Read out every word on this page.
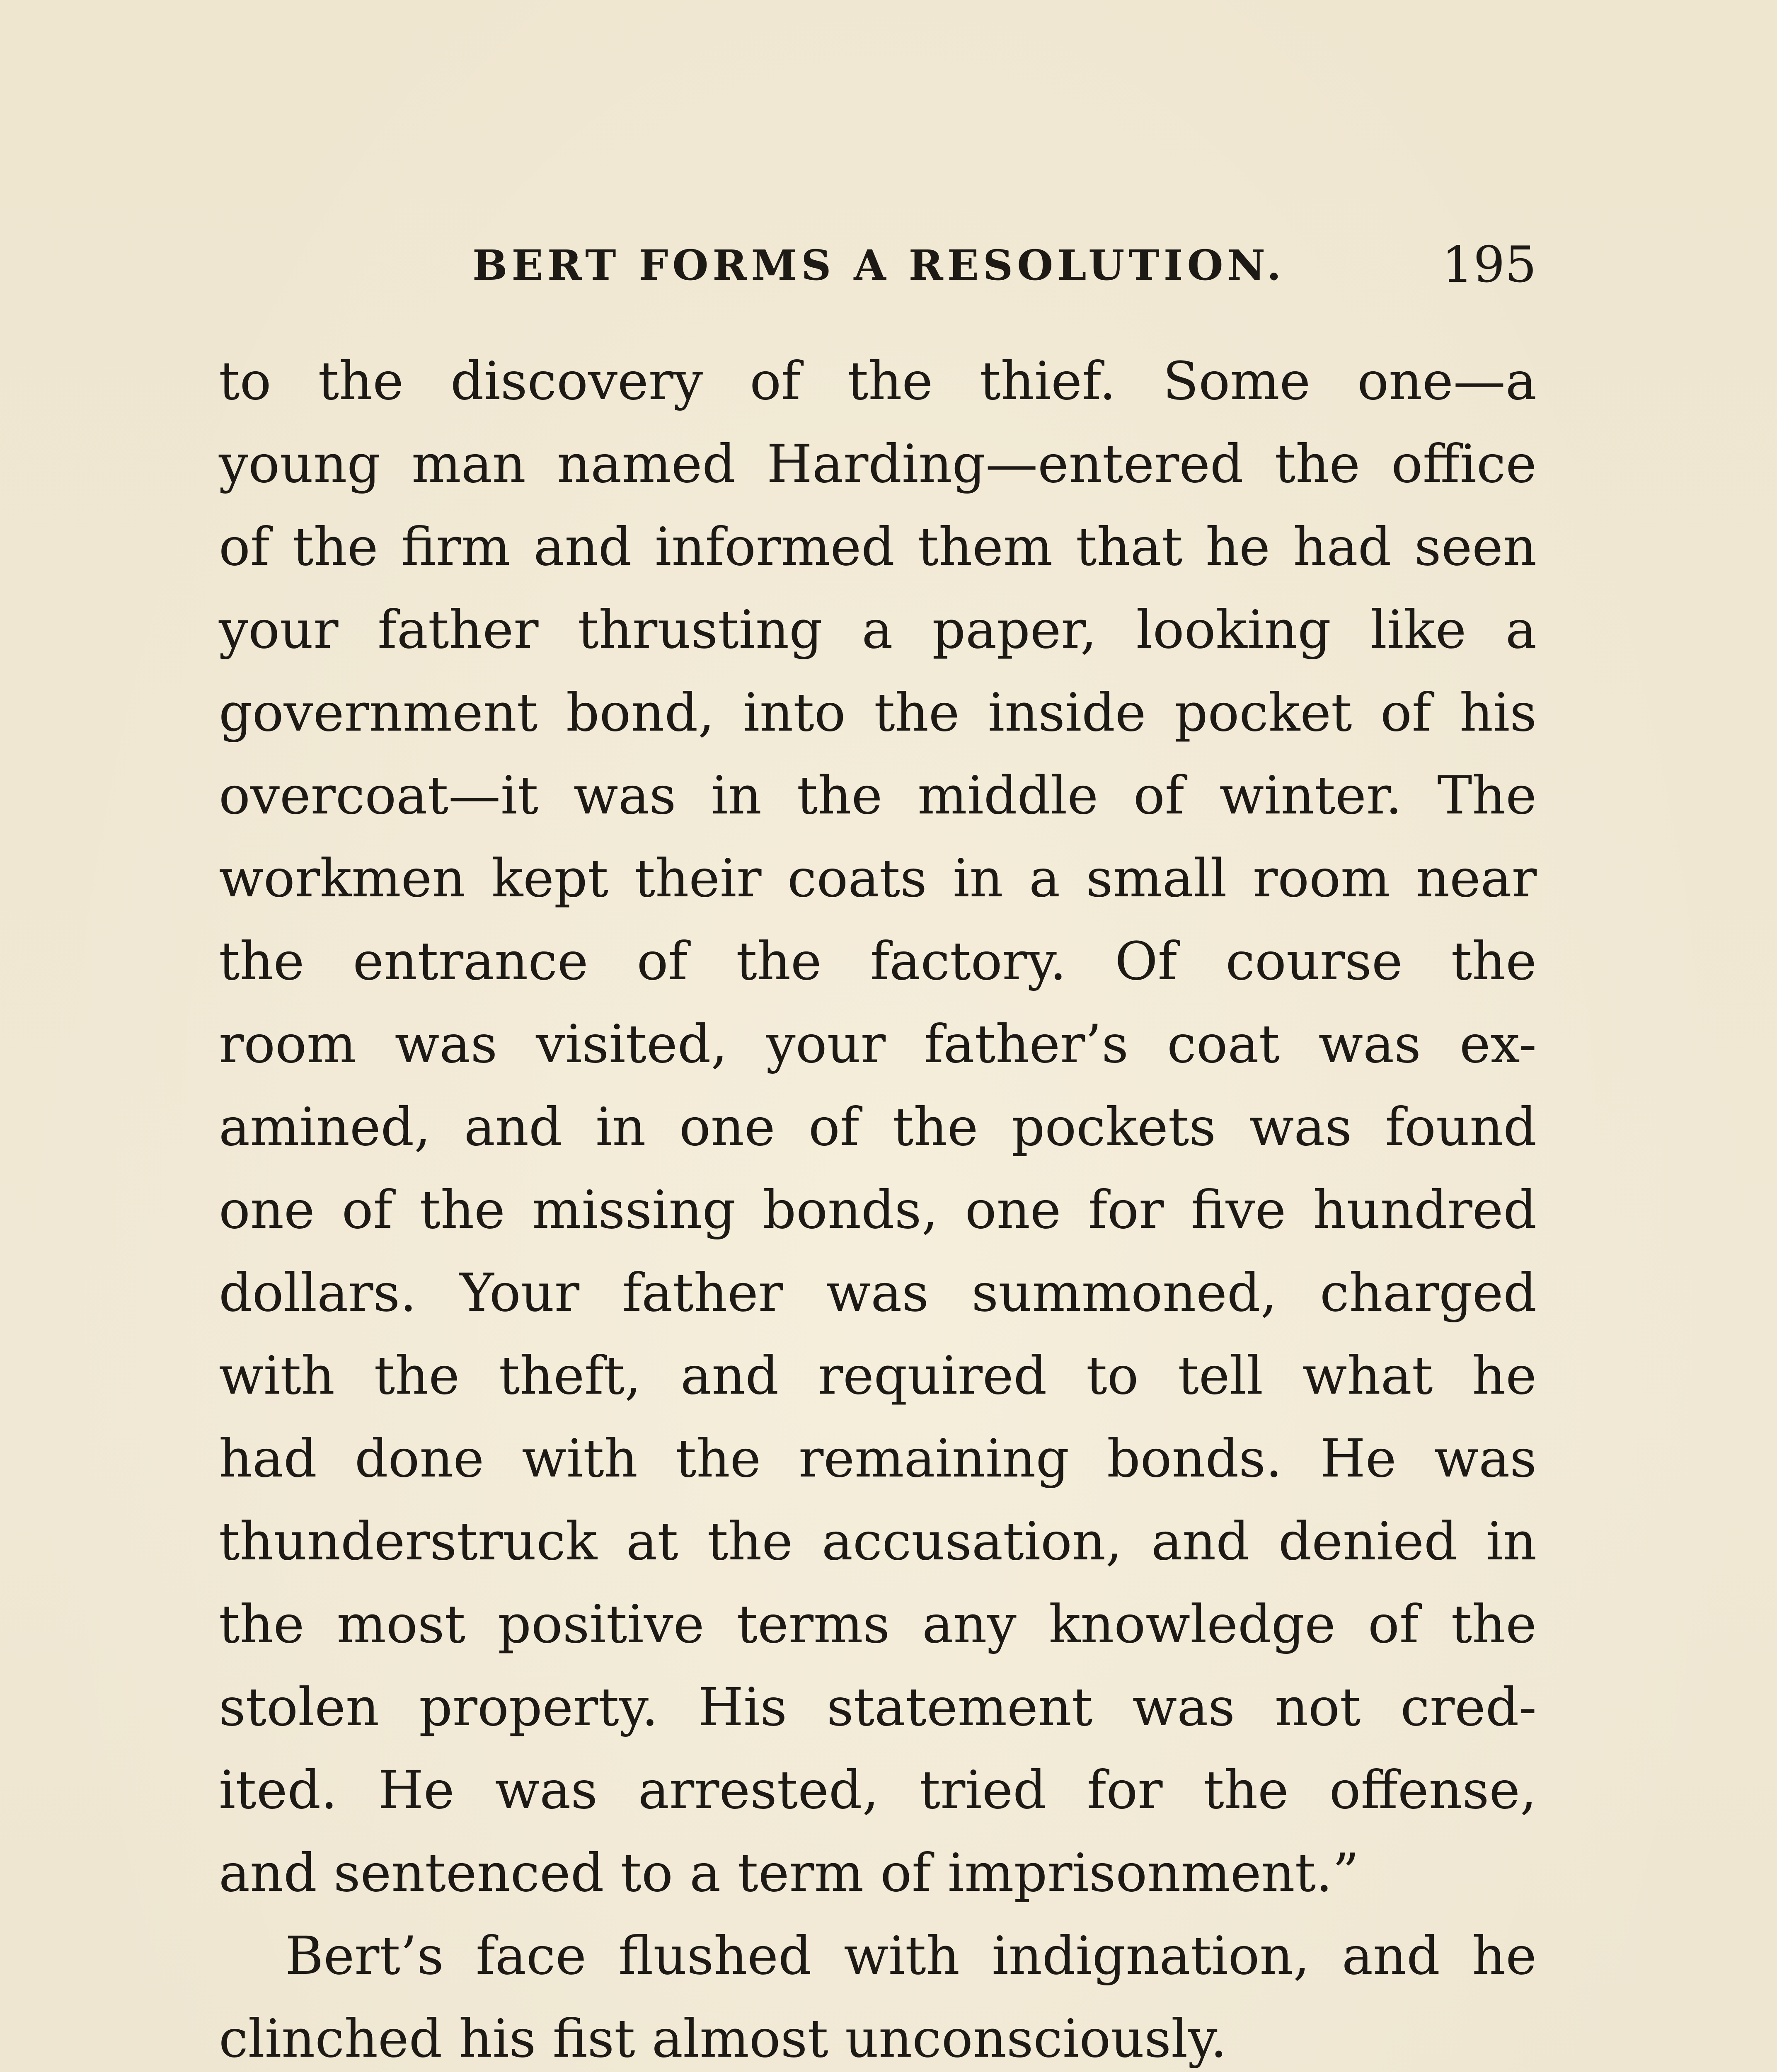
BERT FORMS A RESOLUTION.	195
to the discovery of the thief. Some one—a
young man named Harding—entered the office
of the firm and informed them that he had seen
your father thrusting a paper, looking like a
government bond, into the inside pocket of his
overcoat—it was in the middle of winter. The
workmen kept their coats in a small room near
the entrance of the factory. Of course the
room was visited, your father’s coat was ex-
amined, and in one of the pockets was found
one of the missing bonds, one for five hundred
dollars. Your father was summoned, charged
with the theft, and required to tell what he
had done with the remaining bonds. He was
thunderstruck at the accusation, and denied in
the most positive terms any knowledge of the
stolen property. His statement was not cred-
ited. He was arrested, tried for the offense,
and sentenced to a term of imprisonment.”
Bert’s face flushed with indignation, and he
clinched his fist almost unconsciously.
